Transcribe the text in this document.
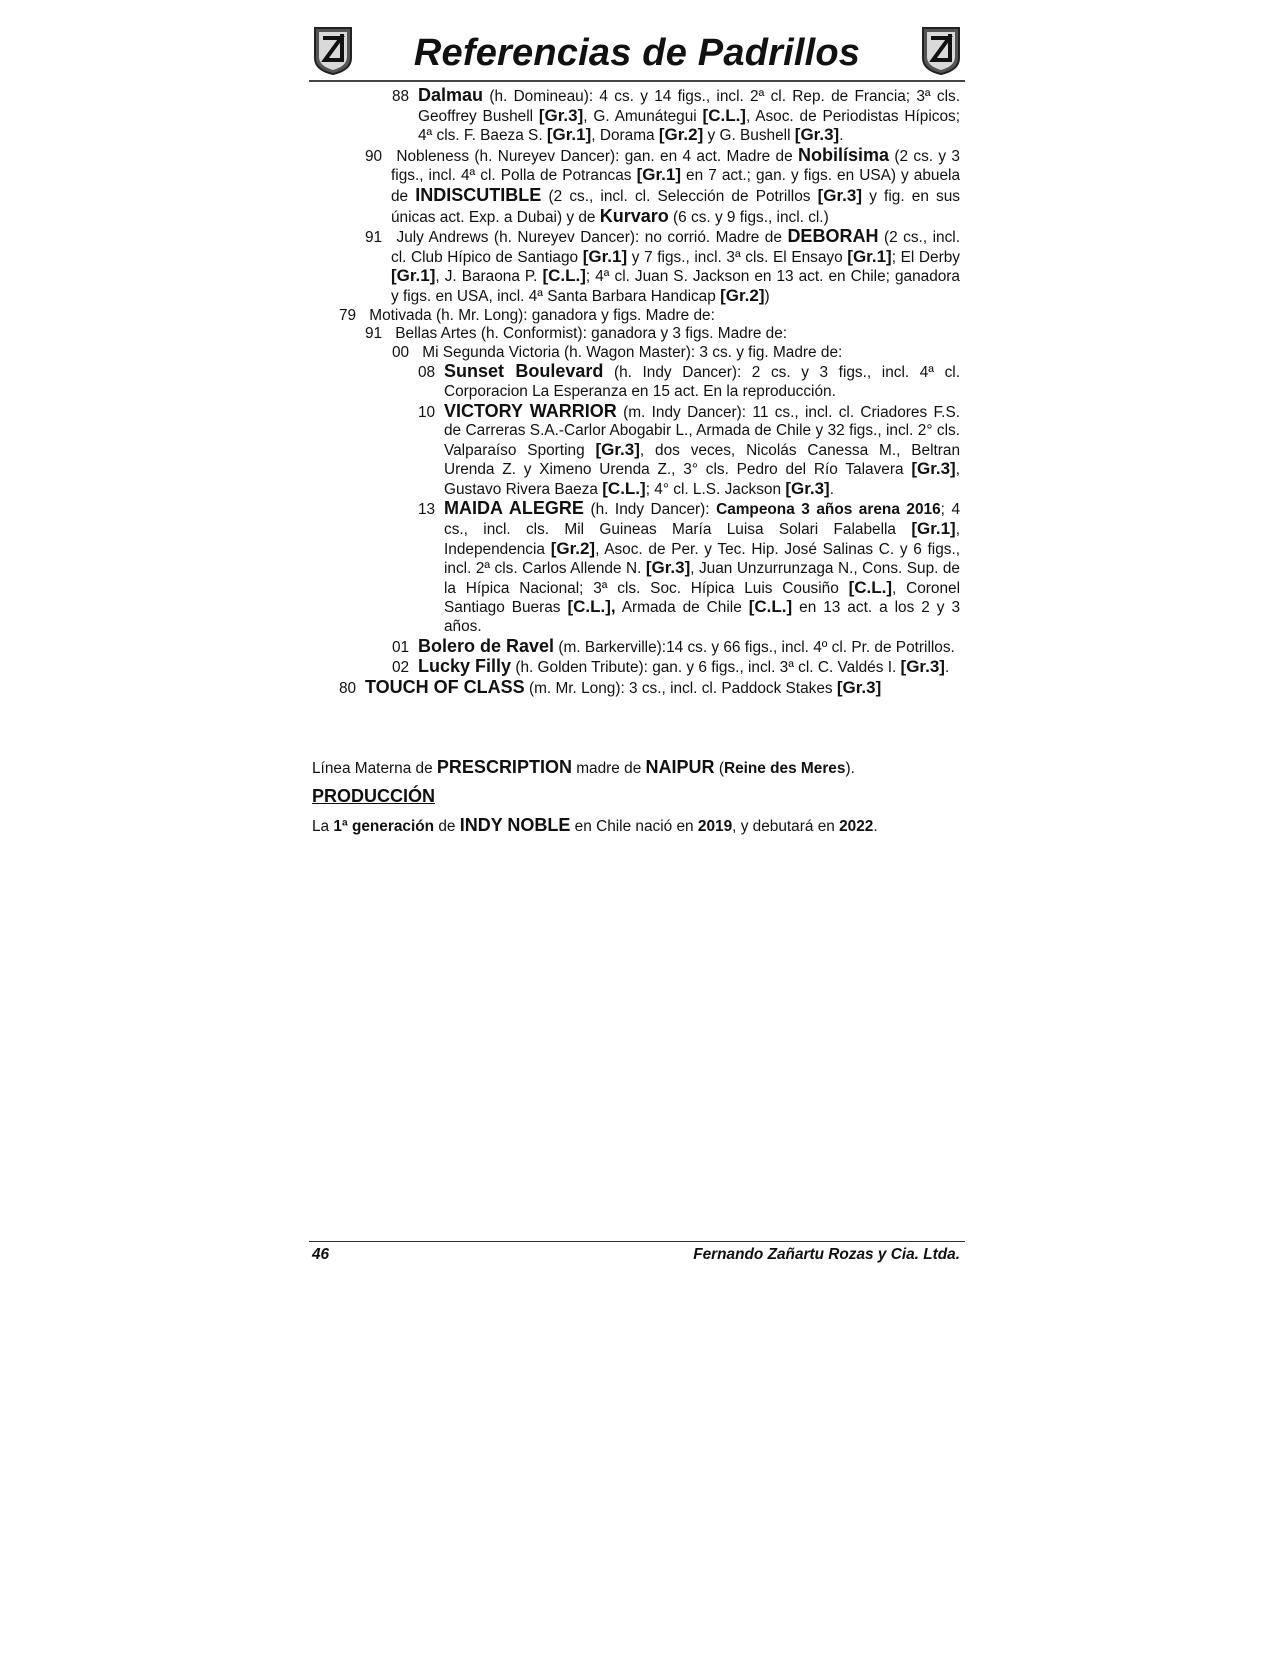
Referencias de Padrillos
88 Dalmau (h. Domineau): 4 cs. y 14 figs., incl. 2ª cl. Rep. de Francia; 3ª cls. Geoffrey Bushell [Gr.3], G. Amunátegui [C.L.], Asoc. de Periodistas Hípicos; 4ª cls. F. Baeza S. [Gr.1], Dorama [Gr.2] y G. Bushell [Gr.3].
90 Nobleness (h. Nureyev Dancer): gan. en 4 act. Madre de Nobilísima (2 cs. y 3 figs., incl. 4ª cl. Polla de Potrancas [Gr.1] en 7 act.; gan. y figs. en USA) y abuela de INDISCUTIBLE (2 cs., incl. cl. Selección de Potrillos [Gr.3] y fig. en sus únicas act. Exp. a Dubai) y de Kurvaro (6 cs. y 9 figs., incl. cl.)
91 July Andrews (h. Nureyev Dancer): no corrió. Madre de DEBORAH (2 cs., incl. cl. Club Hípico de Santiago [Gr.1] y 7 figs., incl. 3ª cls. El Ensayo [Gr.1]; El Derby [Gr.1], J. Baraona P. [C.L.]; 4ª cl. Juan S. Jackson en 13 act. en Chile; ganadora y figs. en USA, incl. 4ª Santa Barbara Handicap [Gr.2])
79 Motivada (h. Mr. Long): ganadora y figs. Madre de:
91 Bellas Artes (h. Conformist): ganadora y 3 figs. Madre de:
00 Mi Segunda Victoria (h. Wagon Master): 3 cs. y fig. Madre de:
08 Sunset Boulevard (h. Indy Dancer): 2 cs. y 3 figs., incl. 4ª cl. Corporacion La Esperanza en 15 act. En la reproducción.
10 VICTORY WARRIOR (m. Indy Dancer): 11 cs., incl. cl. Criadores F.S. de Carreras S.A.-Carlor Abogabir L., Armada de Chile y 32 figs., incl. 2° cls. Valparaíso Sporting [Gr.3], dos veces, Nicolás Canessa M., Beltran Urenda Z. y Ximeno Urenda Z., 3° cls. Pedro del Río Talavera [Gr.3], Gustavo Rivera Baeza [C.L.]; 4° cl. L.S. Jackson [Gr.3].
13 MAIDA ALEGRE (h. Indy Dancer): Campeona 3 años arena 2016; 4 cs., incl. cls. Mil Guineas María Luisa Solari Falabella [Gr.1], Independencia [Gr.2], Asoc. de Per. y Tec. Hip. José Salinas C. y 6 figs., incl. 2ª cls. Carlos Allende N. [Gr.3], Juan Unzurrunzaga N., Cons. Sup. de la Hípica Nacional; 3ª cls. Soc. Hípica Luis Cousiño [C.L.], Coronel Santiago Bueras [C.L.], Armada de Chile [C.L.] en 13 act. a los 2 y 3 años.
01 Bolero de Ravel (m. Barkerville):14 cs. y 66 figs., incl. 4º cl. Pr. de Potrillos.
02 Lucky Filly (h. Golden Tribute): gan. y 6 figs., incl. 3ª cl. C. Valdés I. [Gr.3].
80 TOUCH OF CLASS (m. Mr. Long): 3 cs., incl. cl. Paddock Stakes [Gr.3]
Línea Materna de PRESCRIPTION madre de NAIPUR (Reine des Meres).
PRODUCCIÓN
La 1ª generación de INDY NOBLE en Chile nació en 2019, y debutará en 2022.
46	Fernando Zañartu Rozas y Cia. Ltda.
